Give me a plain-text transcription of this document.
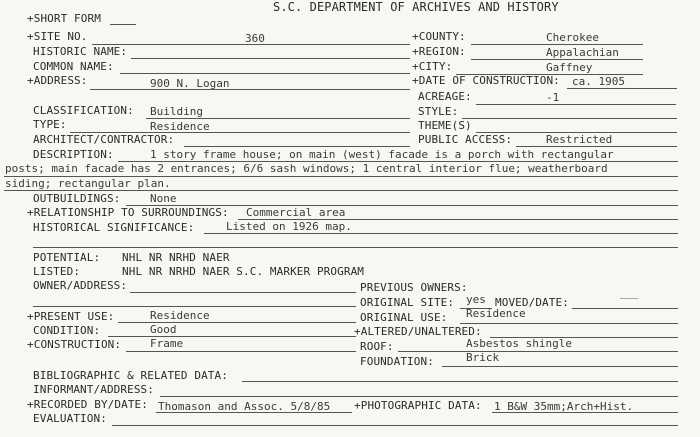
S.C. DEPARTMENT OF ARCHIVES AND HISTORY
+SHORT FORM
+SITE NO.	360	+COUNTY:	Cherokee
HISTORIC NAME:	+REGION:	Appalachian
COMMON NAME:	+CITY:	Gaffney
+ADDRESS:	900 N. Logan	+DATE OF CONSTRUCTION: ca. 1905
ACREAGE:	-1
CLASSIFICATION: Building	STYLE:
TYPE:	Residence	THEME(S)
ARCHITECT/CONTRACTOR:	PUBLIC ACCESS:	Restricted
DESCRIPTION:	1 story frame house; on main (west) facade is a porch with rectangular
posts; main facade has 2 entrances; 6/6 sash windows; 1 central interior flue; weatherboard
siding; rectangular plan.
OUTBUILDINGS:	None
+RELATIONSHIP TO SURROUNDINGS: Commercial area
HISTORICAL SIGNIFICANCE:	Listed on 1926 map.
POTENTIAL: NHL NR NRHD NAER
LISTED:	NHL NR NRHD NAER S.C. MARKER PROGRAM
OWNER/ADDRESS:	PREVIOUS OWNERS:
ORIGINAL SITE: yes MOVED/DATE:
+PRESENT USE:	Residence	ORIGINAL USE: Residence
CONDITION:	Good	+ALTERED/UNALTERED:
+CONSTRUCTION:	Frame	ROOF:	Asbestos shingle
FOUNDATION:	Brick
BIBLIOGRAPHIC & RELATED DATA:
INFORMANT/ADDRESS:
+RECORDED BY/DATE: Thomason and Assoc. 5/8/85 +PHOTOGRAPHIC DATA: 1 B&W 35mm;Arch+Hist.
EVALUATION:
